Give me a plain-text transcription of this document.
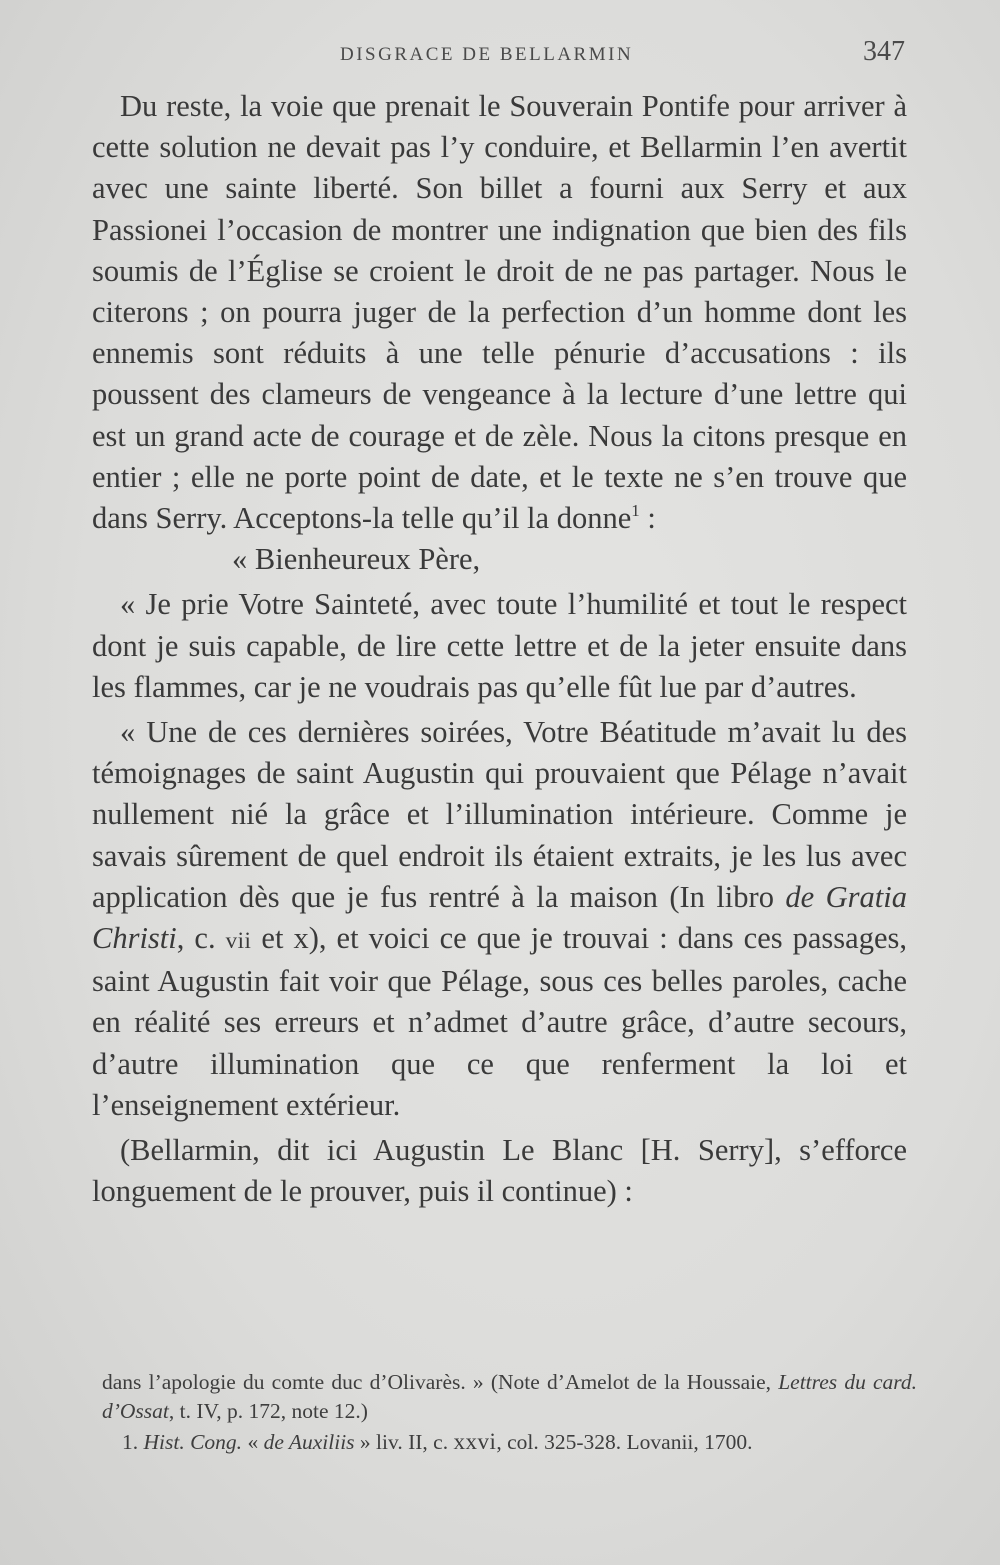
DISGRACE DE BELLARMIN	347

Du reste, la voie que prenait le Souverain Pontife pour arriver à cette solution ne devait pas l’y conduire, et Bellarmin l’en avertit avec une sainte liberté. Son billet a fourni aux Serry et aux Passionei l’occasion de montrer une indignation que bien des fils soumis de l’Église se croient le droit de ne pas partager. Nous le citerons ; on pourra juger de la perfection d’un homme dont les ennemis sont réduits à une telle pénurie d’accusations : ils poussent des clameurs de vengeance à la lecture d’une lettre qui est un grand acte de courage et de zèle. Nous la citons presque en entier ; elle ne porte point de date, et le texte ne s’en trouve que dans Serry. Acceptons-la telle qu’il la donne$^1$ :

« Bienheureux Père,

« Je prie Votre Sainteté, avec toute l’humilité et tout le respect dont je suis capable, de lire cette lettre et de la jeter ensuite dans les flammes, car je ne voudrais pas qu’elle fût lue par d’autres.

« Une de ces dernières soirées, Votre Béatitude m’avait lu des témoignages de saint Augustin qui prouvaient que Pélage n’avait nullement nié la grâce et l’illumination intérieure. Comme je savais sûrement de quel endroit ils étaient extraits, je les lus avec application dès que je fus rentré à la maison (In libro de Gratia Christi, c. vii et x), et voici ce que je trouvai : dans ces passages, saint Augustin fait voir que Pélage, sous ces belles paroles, cache en réalité ses erreurs et n’admet d’autre grâce, d’autre secours, d’autre illumination que ce que renferment la loi et l’enseignement extérieur.

(Bellarmin, dit ici Augustin Le Blanc [H. Serry], s’efforce longuement de le prouver, puis il continue) :

dans l’apologie du comte duc d’Olivarès. » (Note d’Amelot de la Houssaie, Lettres du card. d’Ossat, t. IV, p. 172, note 12.)

1. Hist. Cong. « de Auxiliis » liv. II, c. xxvi, col. 325-328. Lovanii, 1700.
